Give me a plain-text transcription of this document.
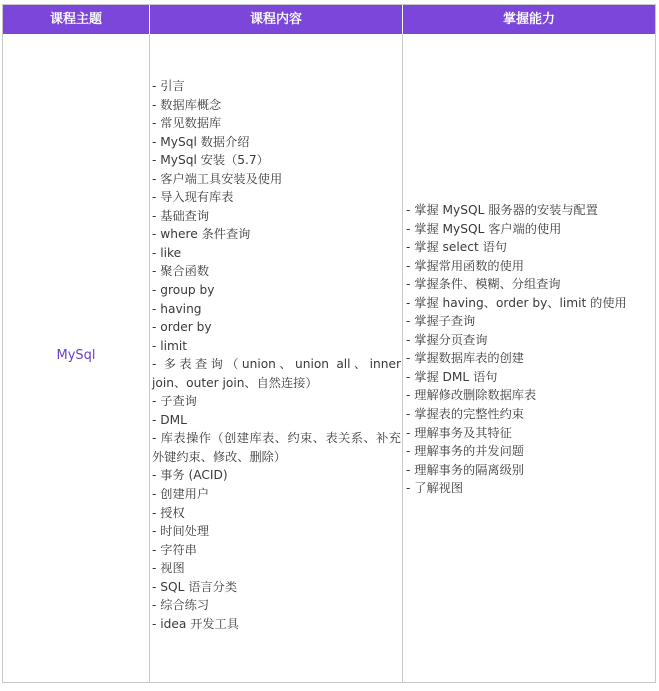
课程主题	课程内容	掌握能力
MySql
- 引言
- 数据库概念
- 常见数据库
- MySql 数据介绍
- MySql 安装（5.7）
- 客户端工具安装及使用
- 导入现有库表
- 基础查询
- where 条件查询
- like
- 聚合函数
- group by
- having
- order by
- limit
- 多表查询（union、union all、inner join、outer join、自然连接）
- 子查询
- DML
- 库表操作（创建库表、约束、表关系、补充外键约束、修改、删除）
- 事务 (ACID)
- 创建用户
- 授权
- 时间处理
- 字符串
- 视图
- SQL 语言分类
- 综合练习
- idea 开发工具
- 掌握 MySQL 服务器的安装与配置
- 掌握 MySQL 客户端的使用
- 掌握 select 语句
- 掌握常用函数的使用
- 掌握条件、模糊、分组查询
- 掌握 having、order by、limit 的使用
- 掌握子查询
- 掌握分页查询
- 掌握数据库表的创建
- 掌握 DML 语句
- 理解修改删除数据库表
- 掌握表的完整性约束
- 理解事务及其特征
- 理解事务的并发问题
- 理解事务的隔离级别
- 了解视图
